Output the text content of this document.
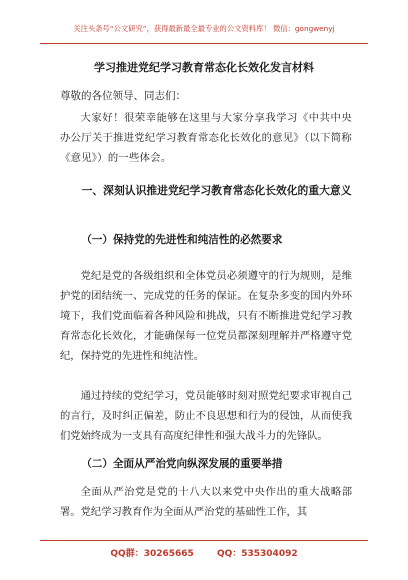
关注头条号“公文研究”，获得最新最全最专业的公文资料库！ 微信：gongwenyj
学习推进党纪学习教育常态化长效化发言材料
尊敬的各位领导、同志们：
大家好！很荣幸能够在这里与大家分享我学习《中共中央办公厅关于推进党纪学习教育常态化长效化的意见》（以下简称《意见》）的一些体会。
一、深刻认识推进党纪学习教育常态化长效化的重大意义
（一）保持党的先进性和纯洁性的必然要求
党纪是党的各级组织和全体党员必须遵守的行为规则，是维护党的团结统一、完成党的任务的保证。在复杂多变的国内外环境下，我们党面临着各种风险和挑战，只有不断推进党纪学习教育常态化长效化，才能确保每一位党员都深刻理解并严格遵守党纪，保持党的先进性和纯洁性。
通过持续的党纪学习，党员能够时刻对照党纪要求审视自己的言行，及时纠正偏差，防止不良思想和行为的侵蚀，从而使我们党始终成为一支具有高度纪律性和强大战斗力的先锋队。
（二）全面从严治党向纵深发展的重要举措
全面从严治党是党的十八大以来党中央作出的重大战略部署。党纪学习教育作为全面从严治党的基础性工作，其
QQ群：30265665	QQ：535304092
